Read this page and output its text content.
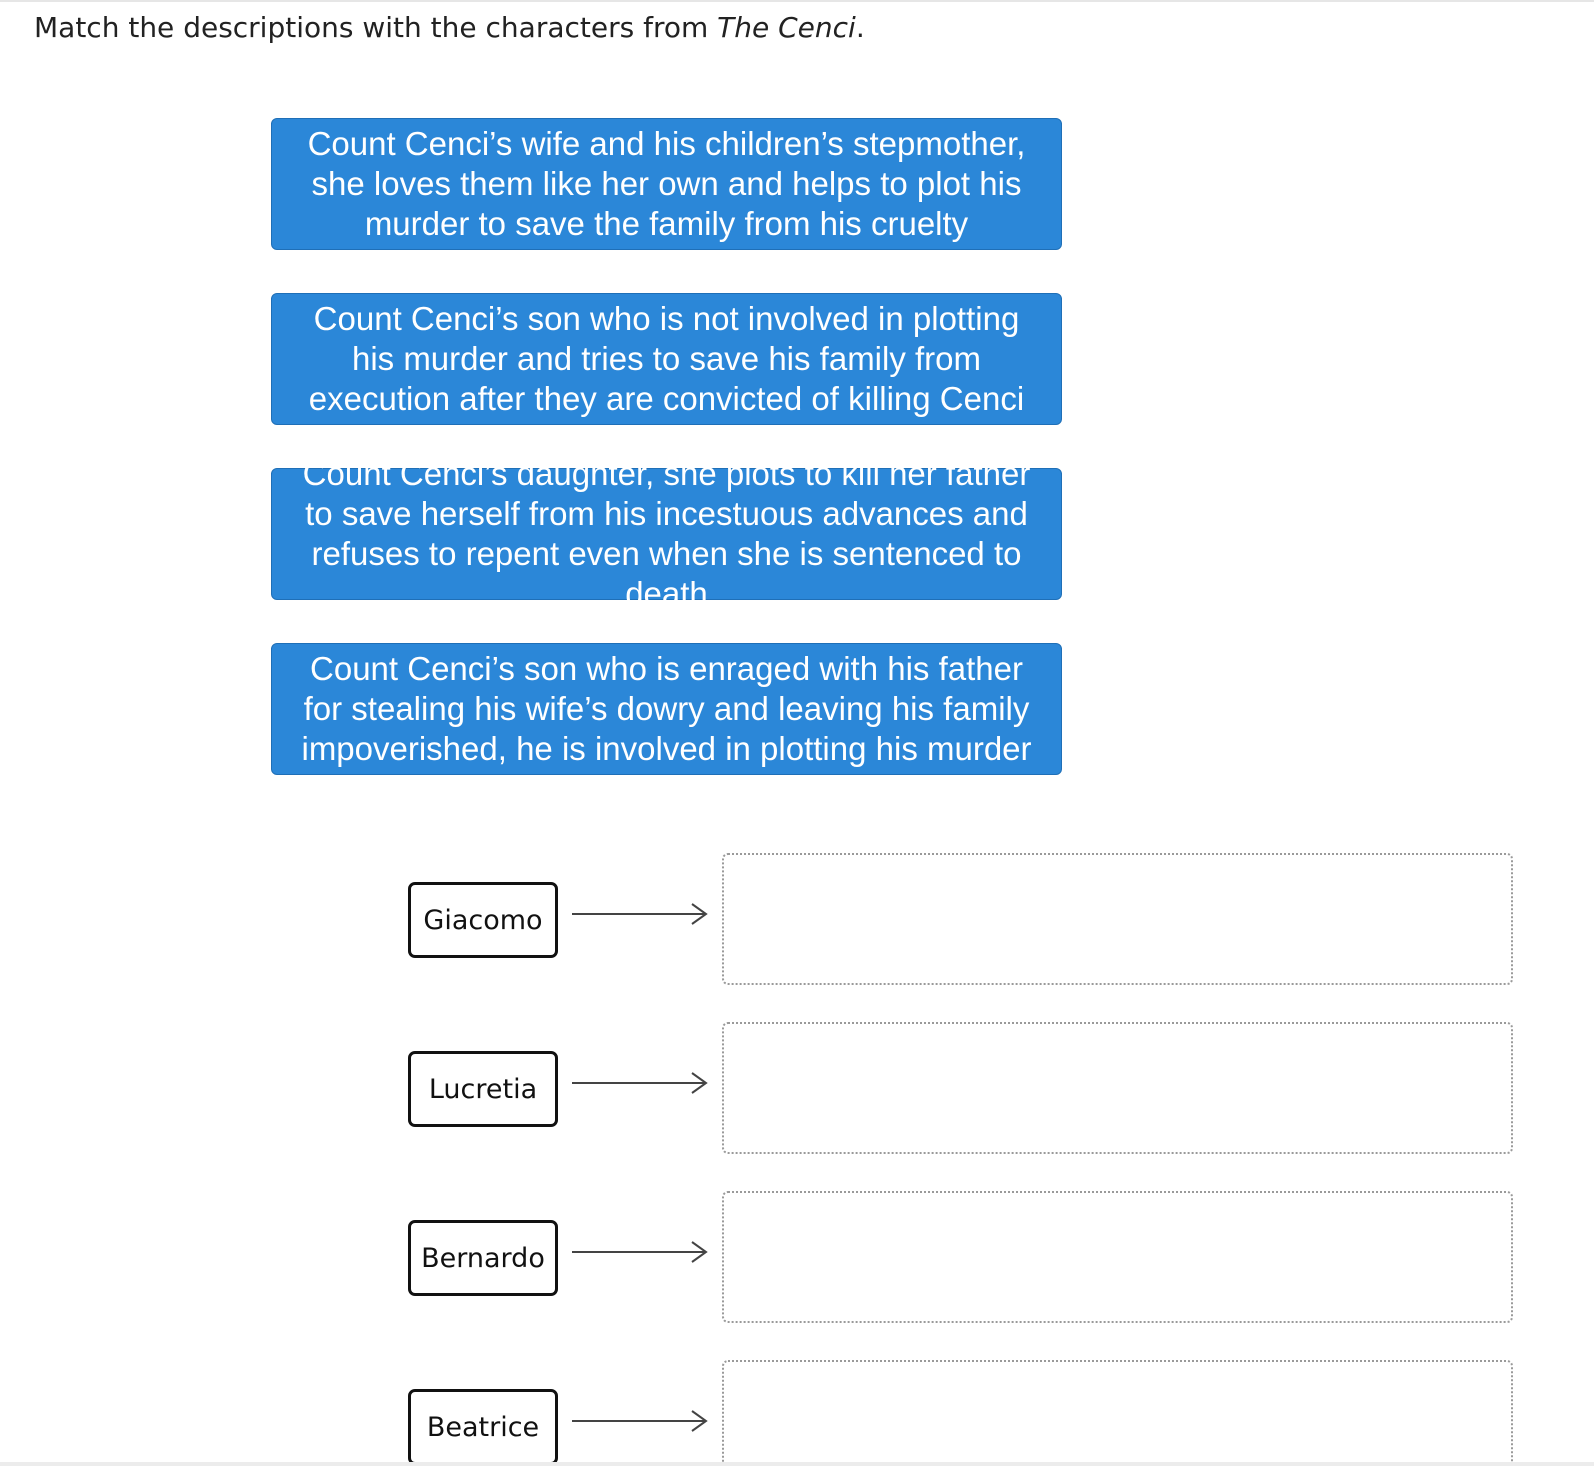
Match the descriptions with the characters from The Cenci.
Count Cenci’s wife and his children’s stepmother,
she loves them like her own and helps to plot his
murder to save the family from his cruelty
Count Cenci’s son who is not involved in plotting
his murder and tries to save his family from
execution after they are convicted of killing Cenci
Count Cenci’s daughter, she plots to kill her father
to save herself from his incestuous advances and
refuses to repent even when she is sentenced to death
Count Cenci’s son who is enraged with his father
for stealing his wife’s dowry and leaving his family
impoverished, he is involved in plotting his murder
Giacomo
Lucretia
Bernardo
Beatrice
